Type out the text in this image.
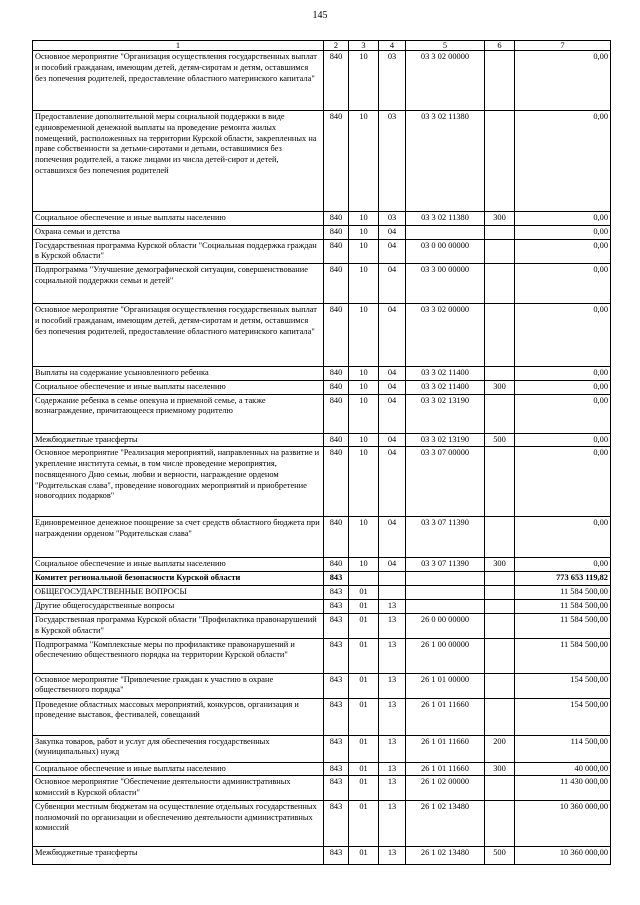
145
1	2	3	4	5	6	7
Основное мероприятие "Организация осуществления государственных выплат и пособий гражданам, имеющим детей, детям-сиротам и детям, оставшимся без попечения родителей, предоставление областного материнского капитала"	840	10	03	03 3 02 00000		0,00
Предоставление дополнительной меры социальной поддержки в виде единовременной денежной выплаты на проведение ремонта жилых помещений, расположенных на территории Курской области, закрепленных на праве собственности за детьми-сиротами и детьми, оставшимися без попечения родителей, а также лицами из числа детей-сирот и детей, оставшихся без попечения родителей	840	10	03	03 3 02 11380		0,00
Социальное обеспечение и иные выплаты населению	840	10	03	03 3 02 11380	300	0,00
Охрана семьи и детства	840	10	04			0,00
Государственная программа Курской области "Социальная поддержка граждан в Курской области"	840	10	04	03 0 00 00000		0,00
Подпрограмма "Улучшение демографической ситуации, совершенствование социальной поддержки семьи и детей"	840	10	04	03 3 00 00000		0,00
Основное мероприятие "Организация осуществления государственных выплат и пособий гражданам, имеющим детей, детям-сиротам и детям, оставшимся без попечения родителей, предоставление областного материнского капитала"	840	10	04	03 3 02 00000		0,00
Выплаты на содержание усыновленного ребенка	840	10	04	03 3 02 11400		0,00
Социальное обеспечение и иные выплаты населению	840	10	04	03 3 02 11400	300	0,00
Содержание ребенка в семье опекуна и приемной семье, а также вознаграждение, причитающееся приемному родителю	840	10	04	03 3 02 13190		0,00
Межбюджетные трансферты	840	10	04	03 3 02 13190	500	0,00
Основное мероприятие "Реализация мероприятий, направленных на развитие и укрепление института семьи, в том числе проведение мероприятия, посвященного Дню семьи, любви и верности, награждение орденом "Родительская слава", проведение новогодних мероприятий и приобретение новогодних подарков"	840	10	04	03 3 07 00000		0,00
Единовременное денежное поощрение за счет средств областного бюджета при награждении орденом "Родительская слава"	840	10	04	03 3 07 11390		0,00
Социальное обеспечение и иные выплаты населению	840	10	04	03 3 07 11390	300	0,00
Комитет региональной безопасности Курской области	843					773 653 119,82
ОБЩЕГОСУДАРСТВЕННЫЕ ВОПРОСЫ	843	01				11 584 500,00
Другие общегосударственные вопросы	843	01	13			11 584 500,00
Государственная программа Курской области "Профилактика правонарушений в Курской области"	843	01	13	26 0 00 00000		11 584 500,00
Подпрограмма "Комплексные меры по профилактике правонарушений и обеспечению общественного порядка на территории Курской области"	843	01	13	26 1 00 00000		11 584 500,00
Основное мероприятие "Привлечение граждан к участию в охране общественного порядка"	843	01	13	26 1 01 00000		154 500,00
Проведение областных массовых мероприятий, конкурсов, организация и проведение выставок, фестивалей, совещаний	843	01	13	26 1 01 11660		154 500,00
Закупка товаров, работ и услуг для обеспечения государственных (муниципальных) нужд	843	01	13	26 1 01 11660	200	114 500,00
Социальное обеспечение и иные выплаты населению	843	01	13	26 1 01 11660	300	40 000,00
Основное мероприятие "Обеспечение деятельности административных комиссий в Курской области"	843	01	13	26 1 02 00000		11 430 000,00
Субвенции местным бюджетам на осуществление отдельных государственных полномочий по организации и обеспечению деятельности административных комиссий	843	01	13	26 1 02 13480		10 360 000,00
Межбюджетные трансферты	843	01	13	26 1 02 13480	500	10 360 000,00
